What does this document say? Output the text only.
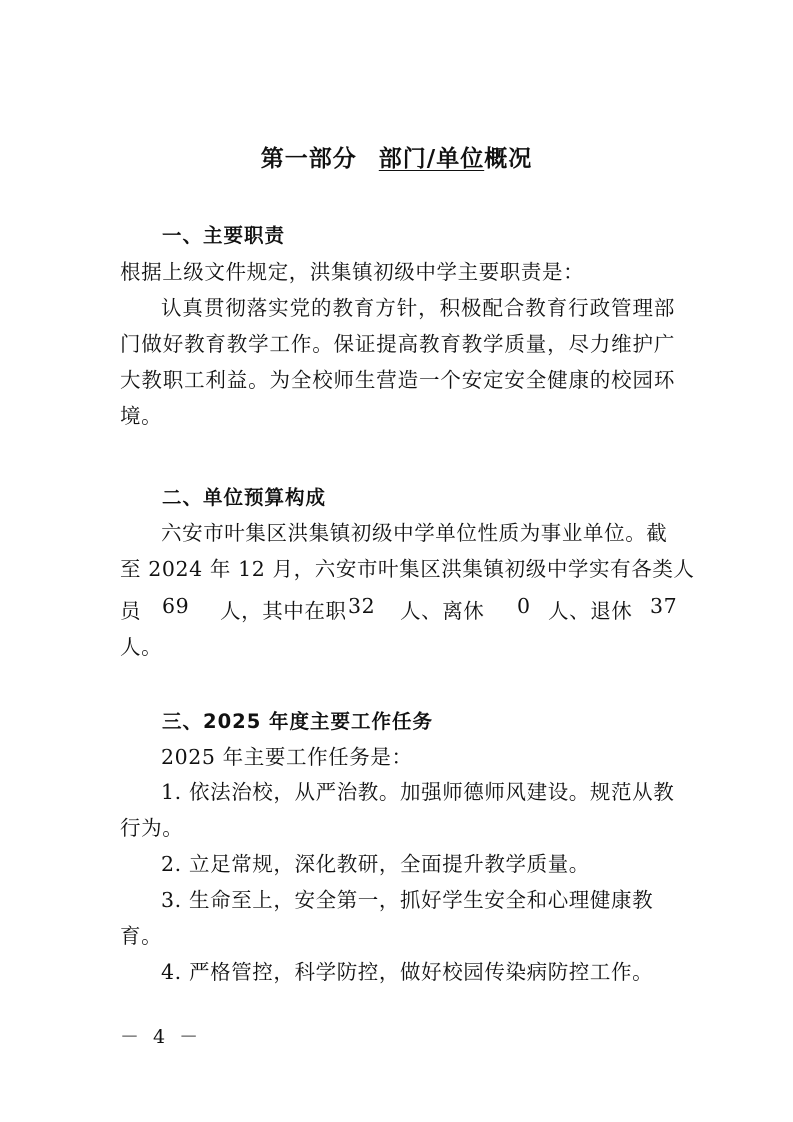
第一部分 部门/单位概况
一、主要职责
根据上级文件规定，洪集镇初级中学主要职责是：
认真贯彻落实党的教育方针，积极配合教育行政管理部门做好教育教学工作。保证提高教育教学质量，尽力维护广大教职工利益。为全校师生营造一个安定安全健康的校园环境。
二、单位预算构成
六安市叶集区洪集镇初级中学单位性质为事业单位。截
至 2024 年 12 月，六安市叶集区洪集镇初级中学实有各类人
员 69 人，其中在职 32 人、离休 0 人、退休 37
人。
三、2025 年度主要工作任务
2025 年主要工作任务是：
1. 依法治校，从严治教。加强师德师风建设。规范从教行为。
2. 立足常规，深化教研，全面提升教学质量。
3. 生命至上，安全第一，抓好学生安全和心理健康教育。
4. 严格管控，科学防控，做好校园传染病防控工作。
－ 4 －
